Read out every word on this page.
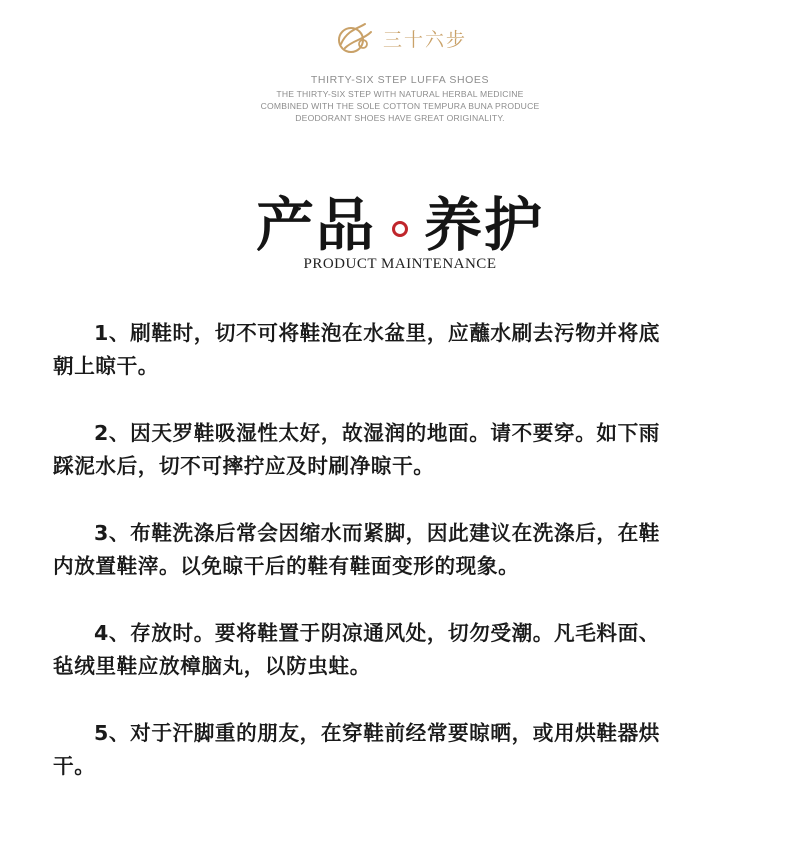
三十六步
THIRTY-SIX STEP LUFFA SHOES
THE THIRTY-SIX STEP WITH NATURAL HERBAL MEDICINE
COMBINED WITH THE SOLE COTTON TEMPURA BUNA PRODUCE
DEODORANT SHOES HAVE GREAT ORIGINALITY.
产品 养护
PRODUCT MAINTENANCE

1、刷鞋时，切不可将鞋泡在水盆里，应蘸水刷去污物并将底
朝上晾干。

2、因天罗鞋吸湿性太好，故湿润的地面。请不要穿。如下雨
踩泥水后，切不可摔拧应及时刷净晾干。

3、布鞋洗涤后常会因缩水而紧脚，因此建议在洗涤后，在鞋
内放置鞋滓。以免晾干后的鞋有鞋面变形的现象。

4、存放时。要将鞋置于阴凉通风处，切勿受潮。凡毛料面、
毡绒里鞋应放樟脑丸，以防虫蛀。

5、对于汗脚重的朋友，在穿鞋前经常要晾晒，或用烘鞋器烘
干。
